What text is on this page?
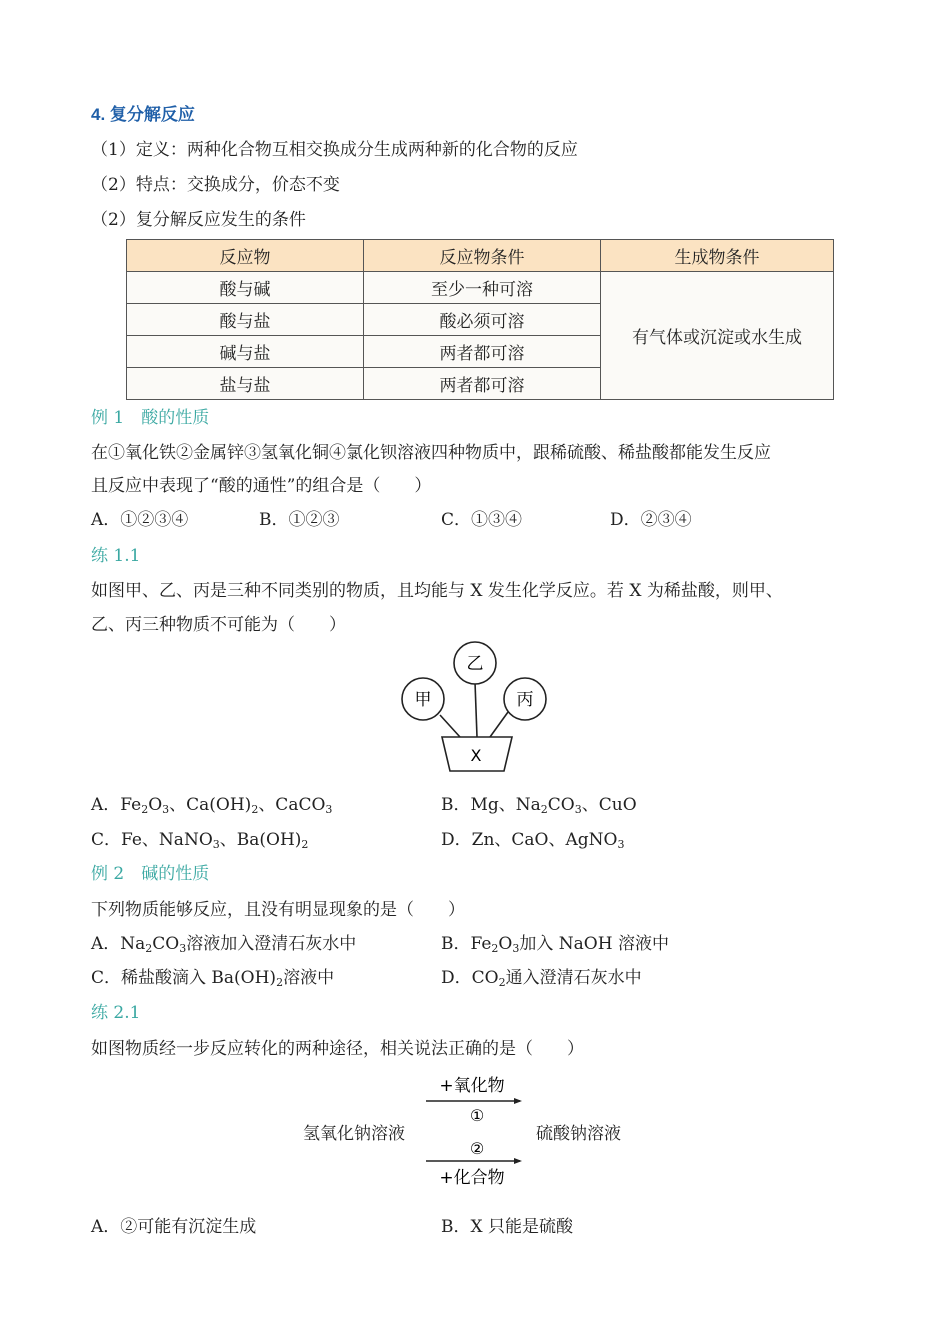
4. 复分解反应
（1）定义：两种化合物互相交换成分生成两种新的化合物的反应
（2）特点：交换成分，价态不变
（2）复分解反应发生的条件
反应物	反应物条件	生成物条件
酸与碱	至少一种可溶	有气体或沉淀或水生成
酸与盐	酸必须可溶	
碱与盐	两者都可溶	
盐与盐	两者都可溶	
例 1　酸的性质
在①氧化铁②金属锌③氢氧化铜④氯化钡溶液四种物质中，跟稀硫酸、稀盐酸都能发生反应
且反应中表现了“酸的通性”的组合是（　　）
A．①②③④	B．①②③	C．①③④	D．②③④
练 1.1
如图甲、乙、丙是三种不同类别的物质，且均能与 X 发生化学反应。若 X 为稀盐酸，则甲、
乙、丙三种物质不可能为（　　）
乙
甲	丙
X
A．$Fe_2O_3$、$Ca(OH)_2$、CaCO$_3$	B．Mg、$Na_2CO_3$、CuO
C．Fe、NaNO$_3$、$Ba(OH)_2$	D．Zn、CaO、AgNO$_3$
例 2　碱的性质
下列物质能够反应，且没有明显现象的是（　　）
A．$Na_2CO_3$溶液加入澄清石灰水中	B．$Fe_2O_3$加入 NaOH 溶液中
C．稀盐酸滴入 $Ba(OH)_2$溶液中	D．$CO_2$通入澄清石灰水中
练 2.1
如图物质经一步反应转化的两种途径，相关说法正确的是（　　）
氢氧化钠溶液	硫酸钠溶液
+氧化物
①
②
+化合物
A．②可能有沉淀生成	B．X 只能是硫酸
